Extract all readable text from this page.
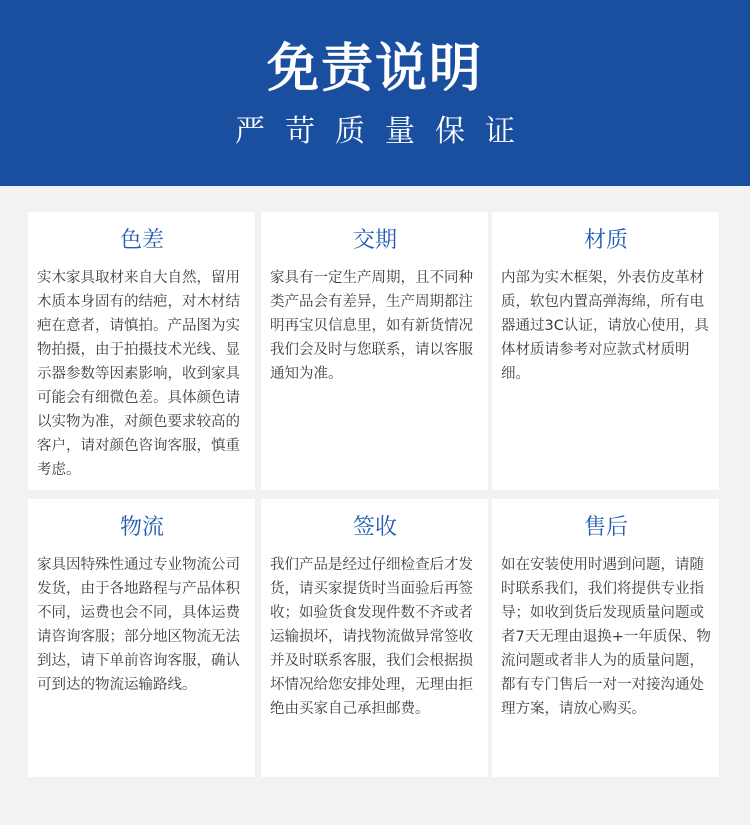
免责说明
严苛质量保证
色差
实木家具取材来自大自然，留用木质本身固有的结疤，对木材结疤在意者，请慎拍。产品图为实物拍摄，由于拍摄技术光线、显示器参数等因素影响，收到家具可能会有细微色差。具体颜色请以实物为准，对颜色要求较高的客户，请对颜色咨询客服，慎重考虑。
交期
家具有一定生产周期，且不同种类产品会有差异，生产周期都注明再宝贝信息里，如有新货情况我们会及时与您联系，请以客服通知为准。
材质
内部为实木框架，外表仿皮革材质，软包内置高弹海绵，所有电器通过3C认证，请放心使用，具体材质请参考对应款式材质明细。
物流
家具因特殊性通过专业物流公司发货，由于各地路程与产品体积不同，运费也会不同，具体运费请咨询客服；部分地区物流无法到达，请下单前咨询客服，确认可到达的物流运输路线。
签收
我们产品是经过仔细检查后才发货，请买家提货时当面验后再签收；如验货食发现件数不齐或者运输损坏，请找物流做异常签收并及时联系客服，我们会根据损坏情况给您安排处理，无理由拒绝由买家自己承担邮费。
售后
如在安装使用时遇到问题，请随时联系我们，我们将提供专业指导；如收到货后发现质量问题或者7天无理由退换+一年质保、物流问题或者非人为的质量问题，都有专门售后一对一对接沟通处理方案，请放心购买。
